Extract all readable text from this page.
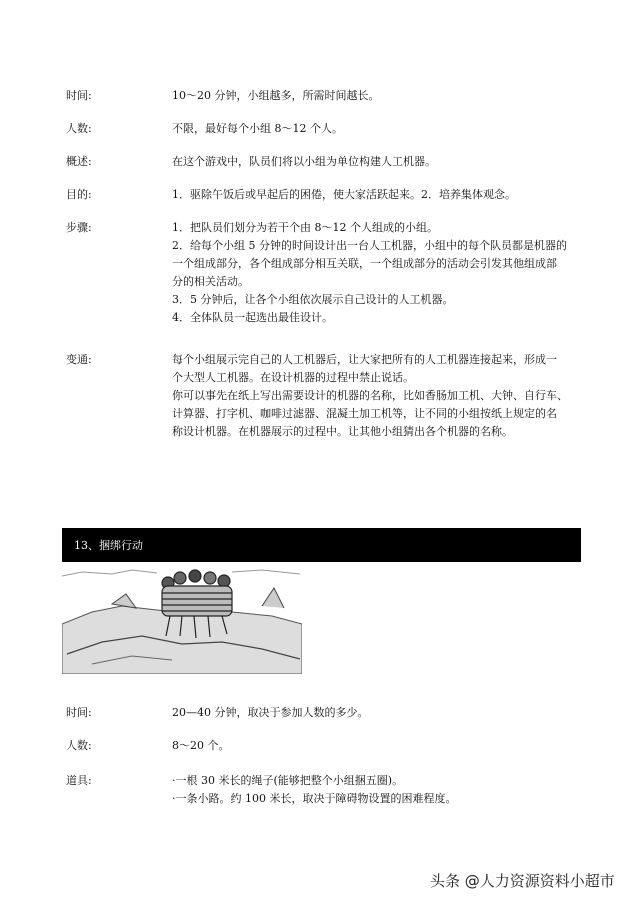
时间:	10～20 分钟，小组越多，所需时间越长。
人数:	不限，最好每个小组 8～12 个人。
概述:	在这个游戏中，队员们将以小组为单位构建人工机器。
目的:	1．驱除午饭后或早起后的困倦，使大家活跃起来。2．培养集体观念。
步骤:	1．把队员们划分为若干个由 8～12 个人组成的小组。

2．给每个小组 5 分钟的时间设计出一台人工机器，小组中的每个队员都是机器的

一个组成部分，各个组成部分相互关联，一个组成部分的活动会引发其他组成部

分的相关活动。

3．5 分钟后，让各个小组依次展示自己设计的人工机器。

4．全体队员一起选出最佳设计。

变通:	每个小组展示完自己的人工机器后，让大家把所有的人工机器连接起来，形成一

个大型人工机器。在设计机器的过程中禁止说话。

你可以事先在纸上写出需要设计的机器的名称，比如香肠加工机、大钟、自行车、

计算器、打字机、咖啡过滤器、混凝土加工机等，让不同的小组按纸上规定的名

称设计机器。在机器展示的过程中。让其他小组猜出各个机器的名称。

13、捆绑行动
时间:	20—40 分钟，取决于参加人数的多少。
人数:	8～20 个。
道具:	·一根 30 米长的绳子(能够把整个小组捆五圈)。

·一条小路。约 100 米长，取决于障碍物设置的困难程度。

头条 @人力资源资料小超市
